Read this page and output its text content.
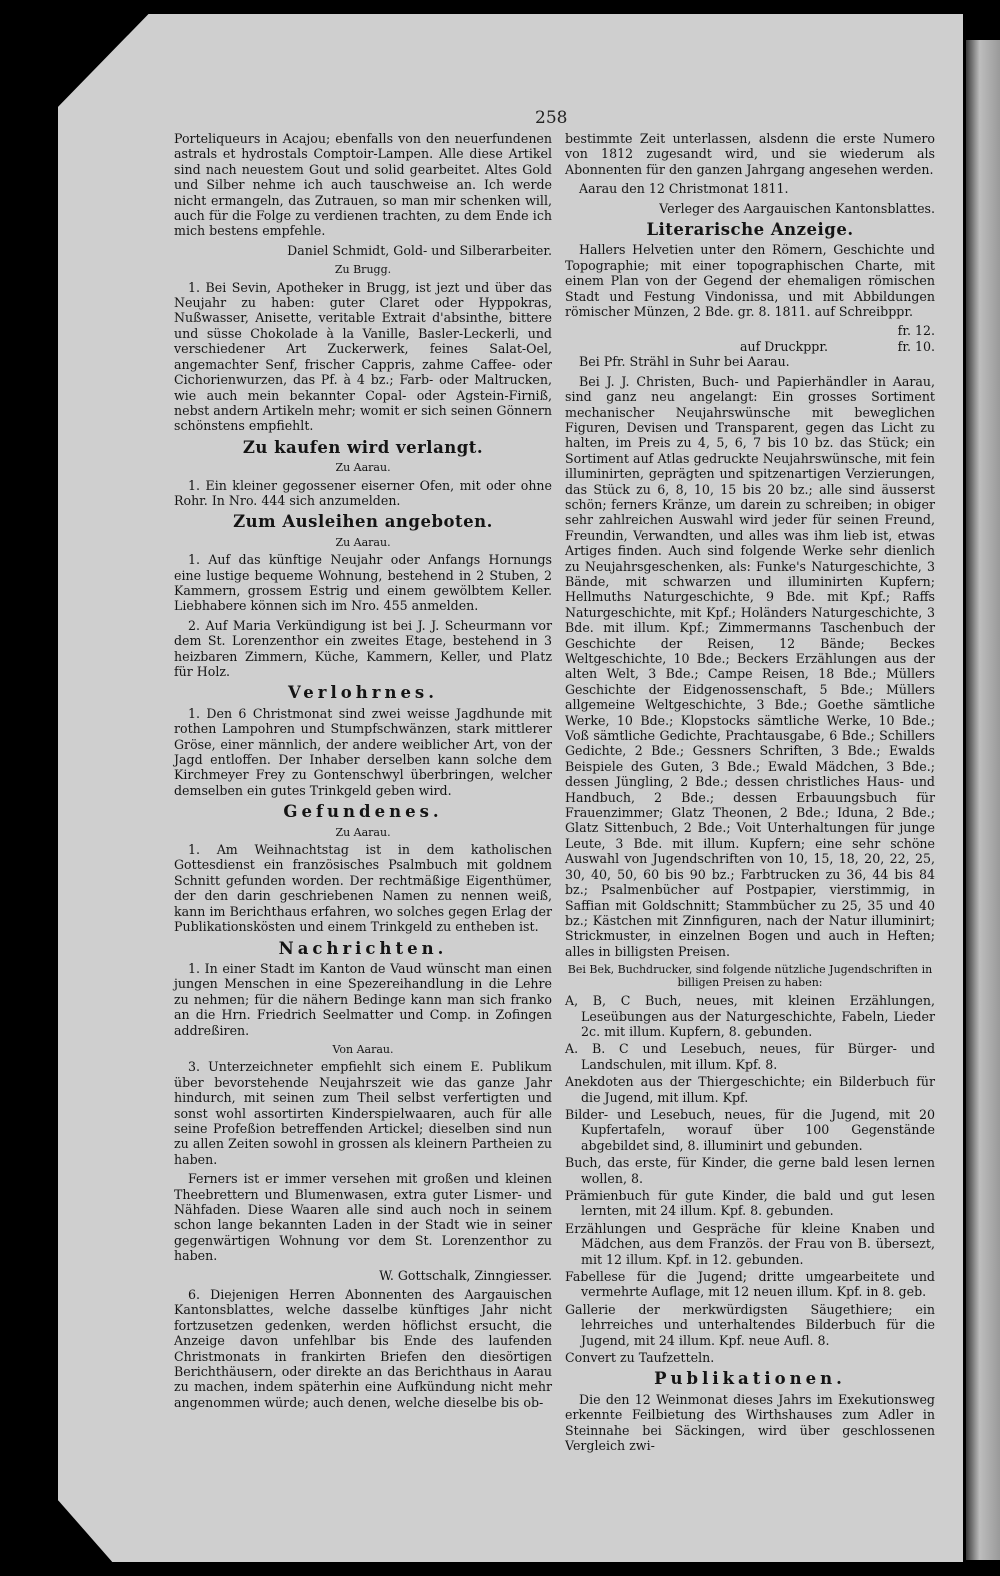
258

Porteliqueurs in Acajou; ebenfalls von den neuerfundenen astrals et hydrostals Comptoir-Lampen. Alle diese Artikel sind nach neuestem Gout und solid gearbeitet. Altes Gold und Silber nehme ich auch tauschweise an. Ich werde nicht ermangeln, das Zutrauen, so man mir schenken will, auch für die Folge zu verdienen trachten, zu dem Ende ich mich bestens empfehle.

Daniel Schmidt, Gold- und Silberarbeiter.

Zu Brugg.

1. Bei Sevin, Apotheker in Brugg, ist jezt und über das Neujahr zu haben: guter Claret oder Hyppokras, Nußwasser, Anisette, veritable Extrait d'absinthe, bittere und süsse Chokolade à la Vanille, Basler-Leckerli, und verschiedener Art Zuckerwerk, feines Salat-Oel, angemachter Senf, frischer Cappris, zahme Caffee- oder Cichorienwurzen, das Pf. à 4 bz.; Farb- oder Maltrucken, wie auch mein bekannter Copal- oder Agstein-Firniß, nebst andern Artikeln mehr; womit er sich seinen Gönnern schönstens empfiehlt.

Zu kaufen wird verlangt.
Zu Aarau.

1. Ein kleiner gegossener eiserner Ofen, mit oder ohne Rohr. In Nro. 444 sich anzumelden.

Zum Ausleihen angeboten.
Zu Aarau.

1. Auf das künftige Neujahr oder Anfangs Hornungs eine lustige bequeme Wohnung, bestehend in 2 Stuben, 2 Kammern, grossem Estrig und einem gewölbtem Keller. Liebhabere können sich im Nro. 455 anmelden.

2. Auf Maria Verkündigung ist bei J. J. Scheurmann vor dem St. Lorenzenthor ein zweites Etage, bestehend in 3 heizbaren Zimmern, Küche, Kammern, Keller, und Platz für Holz.

Verlohrnes.

1. Den 6 Christmonat sind zwei weisse Jagdhunde mit rothen Lampohren und Stumpfschwänzen, stark mittlerer Gröse, einer männlich, der andere weiblicher Art, von der Jagd entloffen. Der Inhaber derselben kann solche dem Kirchmeyer Frey zu Gontenschwyl überbringen, welcher demselben ein gutes Trinkgeld geben wird.

Gefundenes.
Zu Aarau.

1. Am Weihnachtstag ist in dem katholischen Gottesdienst ein französisches Psalmbuch mit goldnem Schnitt gefunden worden. Der rechtmäßige Eigenthümer, der den darin geschriebenen Namen zu nennen weiß, kann im Berichthaus erfahren, wo solches gegen Erlag der Publikationskösten und einem Trinkgeld zu entheben ist.

Nachrichten.

1. In einer Stadt im Kanton de Vaud wünscht man einen jungen Menschen in eine Spezereihandlung in die Lehre zu nehmen; für die nähern Bedinge kann man sich franko an die Hrn. Friedrich Seelmatter und Comp. in Zofingen addreßiren.

Von Aarau.

3. Unterzeichneter empfiehlt sich einem E. Publikum über bevorstehende Neujahrszeit wie das ganze Jahr hindurch, mit seinen zum Theil selbst verfertigten und sonst wohl assortirten Kinderspielwaaren, auch für alle seine Profeßion betreffenden Artickel; dieselben sind nun zu allen Zeiten sowohl in grossen als kleinern Partheien zu haben.

Ferners ist er immer versehen mit großen und kleinen Theebrettern und Blumenwasen, extra guter Lismer- und Nähfaden. Diese Waaren alle sind auch noch in seinem schon lange bekannten Laden in der Stadt wie in seiner gegenwärtigen Wohnung vor dem St. Lorenzenthor zu haben.

W. Gottschalk, Zinngiesser.

6. Diejenigen Herren Abonnenten des Aargauischen Kantonsblattes, welche dasselbe künftiges Jahr nicht fortzusetzen gedenken, werden höflichst ersucht, die Anzeige davon unfehlbar bis Ende des laufenden Christmonats in frankirten Briefen den diesörtigen Berichthäusern, oder direkte an das Berichthaus in Aarau zu machen, indem späterhin eine Aufkündung nicht mehr angenommen würde; auch denen, welche dieselbe bis ob-

bestimmte Zeit unterlassen, alsdenn die erste Numero von 1812 zugesandt wird, und sie wiederum als Abonnenten für den ganzen Jahrgang angesehen werden.

Aarau den 12 Christmonat 1811.

Verleger des Aargauischen Kantonsblattes.

Literarische Anzeige.

Hallers Helvetien unter den Römern, Geschichte und Topographie; mit einer topographischen Charte, mit einem Plan von der Gegend der ehemaligen römischen Stadt und Festung Vindonissa, und mit Abbildungen römischer Münzen, 2 Bde. gr. 8. 1811. auf Schreibppr.

fr. 12.
auf Druckppr.	fr. 10.

Bei Pfr. Strähl in Suhr bei Aarau.

Bei J. J. Christen, Buch- und Papierhändler in Aarau, sind ganz neu angelangt: Ein grosses Sortiment mechanischer Neujahrswünsche mit beweglichen Figuren, Devisen und Transparent, gegen das Licht zu halten, im Preis zu 4, 5, 6, 7 bis 10 bz. das Stück; ein Sortiment auf Atlas gedruckte Neujahrswünsche, mit fein illuminirten, geprägten und spitzenartigen Verzierungen, das Stück zu 6, 8, 10, 15 bis 20 bz.; alle sind äusserst schön; ferners Kränze, um darein zu schreiben; in obiger sehr zahlreichen Auswahl wird jeder für seinen Freund, Freundin, Verwandten, und alles was ihm lieb ist, etwas Artiges finden. Auch sind folgende Werke sehr dienlich zu Neujahrsgeschenken, als: Funke's Naturgeschichte, 3 Bände, mit schwarzen und illuminirten Kupfern; Hellmuths Naturgeschichte, 9 Bde. mit Kpf.; Raffs Naturgeschichte, mit Kpf.; Holänders Naturgeschichte, 3 Bde. mit illum. Kpf.; Zimmermanns Taschenbuch der Geschichte der Reisen, 12 Bände; Beckes Weltgeschichte, 10 Bde.; Beckers Erzählungen aus der alten Welt, 3 Bde.; Campe Reisen, 18 Bde.; Müllers Geschichte der Eidgenossenschaft, 5 Bde.; Müllers allgemeine Weltgeschichte, 3 Bde.; Goethe sämtliche Werke, 10 Bde.; Klopstocks sämtliche Werke, 10 Bde.; Voß sämtliche Gedichte, Prachtausgabe, 6 Bde.; Schillers Gedichte, 2 Bde.; Gessners Schriften, 3 Bde.; Ewalds Beispiele des Guten, 3 Bde.; Ewald Mädchen, 3 Bde.; dessen Jüngling, 2 Bde.; dessen christliches Haus- und Handbuch, 2 Bde.; dessen Erbauungsbuch für Frauenzimmer; Glatz Theonen, 2 Bde.; Iduna, 2 Bde.; Glatz Sittenbuch, 2 Bde.; Voit Unterhaltungen für junge Leute, 3 Bde. mit illum. Kupfern; eine sehr schöne Auswahl von Jugendschriften von 10, 15, 18, 20, 22, 25, 30, 40, 50, 60 bis 90 bz.; Farbtrucken zu 36, 44 bis 84 bz.; Psalmenbücher auf Postpapier, vierstimmig, in Saffian mit Goldschnitt; Stammbücher zu 25, 35 und 40 bz.; Kästchen mit Zinnfiguren, nach der Natur illuminirt; Strickmuster, in einzelnen Bogen und auch in Heften; alles in billigsten Preisen.

Bei Bek, Buchdrucker, sind folgende nützliche Jugendschriften in billigen Preisen zu haben:

A, B, C Buch, neues, mit kleinen Erzählungen, Leseübungen aus der Naturgeschichte, Fabeln, Lieder 2c. mit illum. Kupfern, 8. gebunden.

A. B. C und Lesebuch, neues, für Bürger- und Landschulen, mit illum. Kpf. 8.

Anekdoten aus der Thiergeschichte; ein Bilderbuch für die Jugend, mit illum. Kpf.

Bilder- und Lesebuch, neues, für die Jugend, mit 20 Kupfertafeln, worauf über 100 Gegenstände abgebildet sind, 8. illuminirt und gebunden.

Buch, das erste, für Kinder, die gerne bald lesen lernen wollen, 8.

Prämienbuch für gute Kinder, die bald und gut lesen lernten, mit 24 illum. Kpf. 8. gebunden.

Erzählungen und Gespräche für kleine Knaben und Mädchen, aus dem Französ. der Frau von B. übersezt, mit 12 illum. Kpf. in 12. gebunden.

Fabellese für die Jugend; dritte umgearbeitete und vermehrte Auflage, mit 12 neuen illum. Kpf. in 8. geb.

Gallerie der merkwürdigsten Säugethiere; ein lehrreiches und unterhaltendes Bilderbuch für die Jugend, mit 24 illum. Kpf. neue Aufl. 8.

Convert zu Taufzetteln.

Publikationen.

Die den 12 Weinmonat dieses Jahrs im Exekutionsweg erkennte Feilbietung des Wirthshauses zum Adler in Steinnahe bei Säckingen, wird über geschlossenen Vergleich zwi-
